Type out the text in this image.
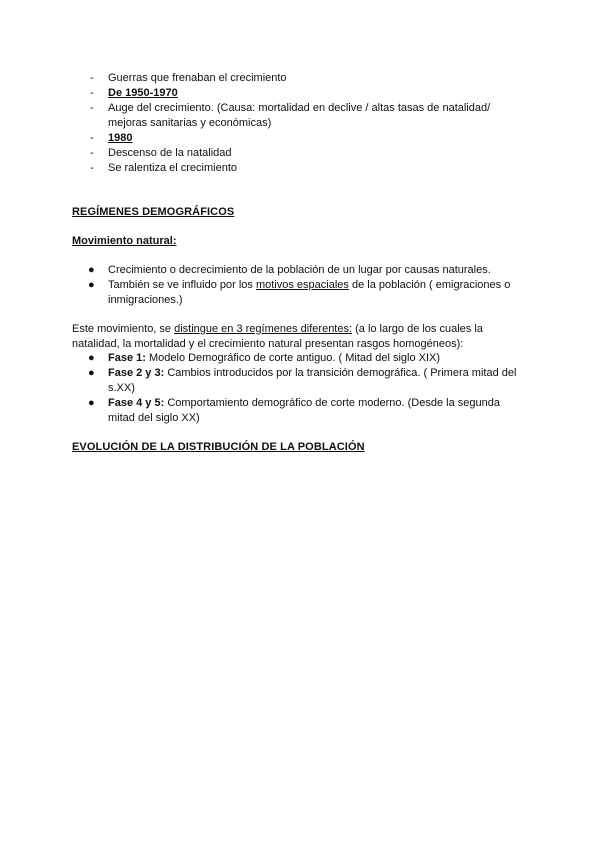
- Guerras que frenaban el crecimiento
- De 1950-1970
- Auge del crecimiento. (Causa: mortalidad en declive / altas tasas de natalidad/ mejoras sanitarias y económicas)
- 1980
- Descenso de la natalidad
- Se ralentiza el crecimiento
REGÍMENES DEMOGRÁFICOS
Movimiento natural:
● Crecimiento o decrecimiento de la población de un lugar por causas naturales.
● También se ve influido por los motivos espaciales de la población ( emigraciones o inmigraciones.)
Este movimiento, se distingue en 3 regímenes diferentes: (a lo largo de los cuales la natalidad, la mortalidad y el crecimiento natural presentan rasgos homogéneos):
● Fase 1: Modelo Demográfico de corte antiguo. ( Mitad del siglo XIX)
● Fase 2 y 3: Cambios introducidos por la transición demográfica. ( Primera mitad del s.XX)
● Fase 4 y 5: Comportamiento demográfico de corte moderno. (Desde la segunda mitad del siglo XX)
EVOLUCIÓN DE LA DISTRIBUCIÓN DE LA POBLACIÓN
